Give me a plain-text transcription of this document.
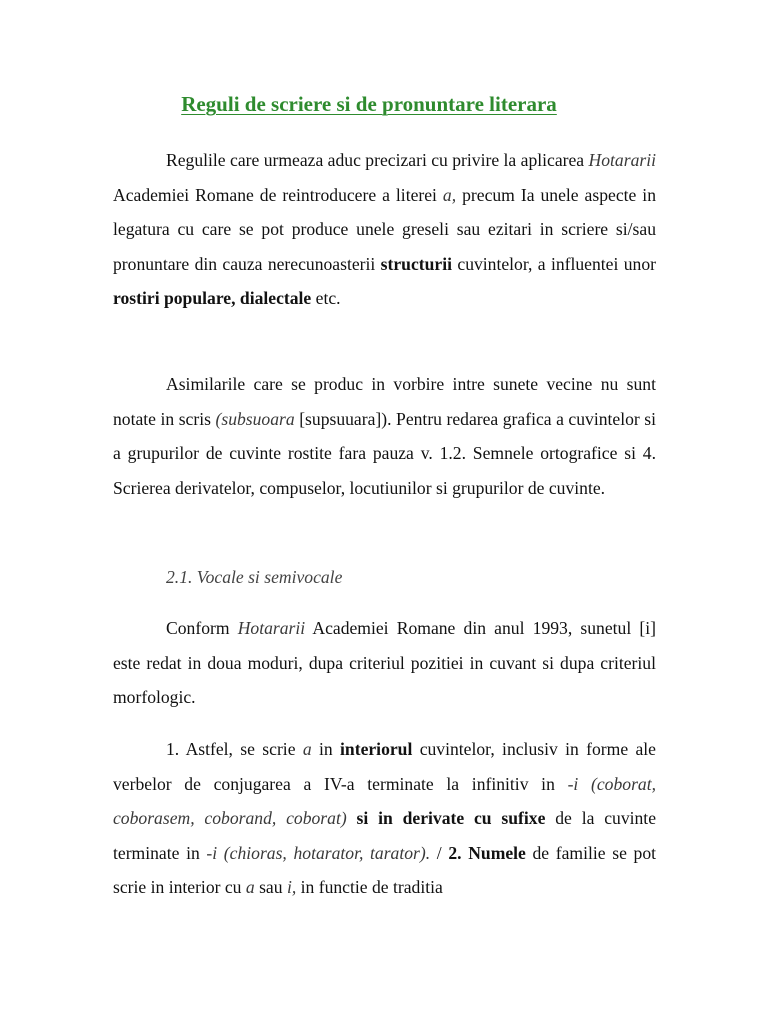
Reguli de scriere si de pronuntare literara

Regulile care urmeaza aduc precizari cu privire la aplicarea Hotararii Academiei Romane de reintroducere a literei a, precum Ia unele aspecte in legatura cu care se pot produce unele greseli sau ezitari in scriere si/sau pronuntare din cauza nerecunoasterii structurii cuvintelor, a influentei unor rostiri populare, dialectale etc.

Asimilarile care se produc in vorbire intre sunete vecine nu sunt notate in scris (subsuoara [supsuuara]). Pentru redarea grafica a cuvintelor si a grupurilor de cuvinte rostite fara pauza v. 1.2. Semnele ortografice si 4. Scrierea derivatelor, compuselor, locutiunilor si grupurilor de cuvinte.

2.1. Vocale si semivocale

Conform Hotararii Academiei Romane din anul 1993, sunetul [i] este redat in doua moduri, dupa criteriul pozitiei in cuvant si dupa criteriul morfologic.

1. Astfel, se scrie a in interiorul cuvintelor, inclusiv in forme ale verbelor de conjugarea a IV-a terminate la infinitiv in -i (coborat, coborasem, coborand, coborat) si in derivate cu sufixe de la cuvinte terminate in -i (chioras, hotarator, tarator). / 2. Numele de familie se pot scrie in interior cu a sau i, in functie de traditia
